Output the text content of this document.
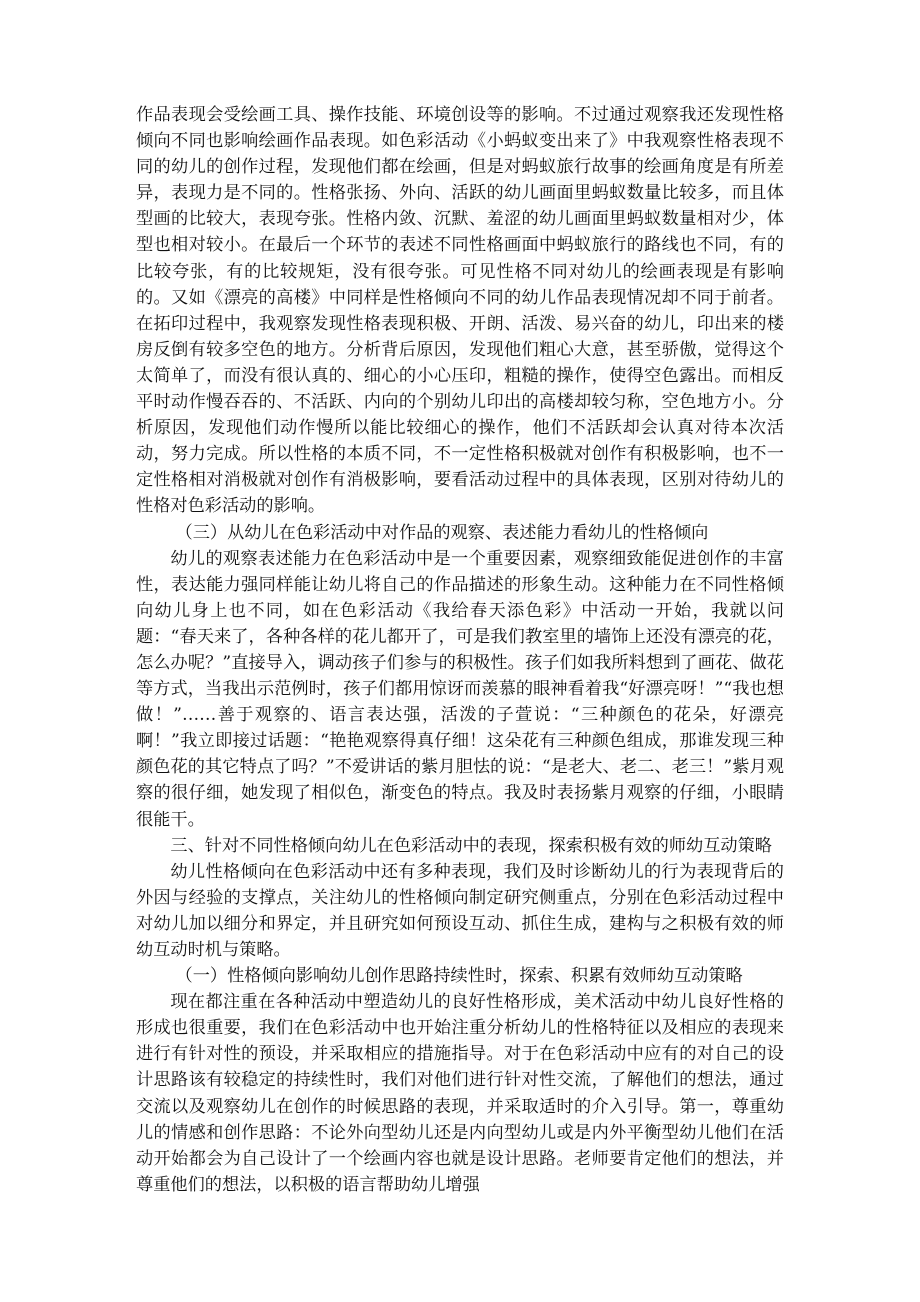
作品表现会受绘画工具、操作技能、环境创设等的影响。不过通过观察我还发现性格倾向不同也影响绘画作品表现。如色彩活动《小蚂蚁变出来了》中我观察性格表现不同的幼儿的创作过程，发现他们都在绘画，但是对蚂蚁旅行故事的绘画角度是有所差异，表现力是不同的。性格张扬、外向、活跃的幼儿画面里蚂蚁数量比较多，而且体型画的比较大，表现夸张。性格内敛、沉默、羞涩的幼儿画面里蚂蚁数量相对少，体型也相对较小。在最后一个环节的表述不同性格画面中蚂蚁旅行的路线也不同，有的比较夸张，有的比较规矩，没有很夸张。可见性格不同对幼儿的绘画表现是有影响的。又如《漂亮的高楼》中同样是性格倾向不同的幼儿作品表现情况却不同于前者。在拓印过程中，我观察发现性格表现积极、开朗、活泼、易兴奋的幼儿，印出来的楼房反倒有较多空色的地方。分析背后原因，发现他们粗心大意，甚至骄傲，觉得这个太简单了，而没有很认真的、细心的小心压印，粗糙的操作，使得空色露出。而相反平时动作慢吞吞的、不活跃、内向的个别幼儿印出的高楼却较匀称，空色地方小。分析原因，发现他们动作慢所以能比较细心的操作，他们不活跃却会认真对待本次活动，努力完成。所以性格的本质不同，不一定性格积极就对创作有积极影响，也不一定性格相对消极就对创作有消极影响，要看活动过程中的具体表现，区别对待幼儿的性格对色彩活动的影响。

（三）从幼儿在色彩活动中对作品的观察、表述能力看幼儿的性格倾向

幼儿的观察表述能力在色彩活动中是一个重要因素，观察细致能促进创作的丰富性，表达能力强同样能让幼儿将自己的作品描述的形象生动。这种能力在不同性格倾向幼儿身上也不同，如在色彩活动《我给春天添色彩》中活动一开始，我就以问题：“春天来了，各种各样的花儿都开了，可是我们教室里的墙饰上还没有漂亮的花，怎么办呢？”直接导入，调动孩子们参与的积极性。孩子们如我所料想到了画花、做花等方式，当我出示范例时，孩子们都用惊讶而羡慕的眼神看着我“好漂亮呀！”“我也想做！”……善于观察的、语言表达强，活泼的子萱说：“三种颜色的花朵，好漂亮啊！”我立即接过话题：“艳艳观察得真仔细！这朵花有三种颜色组成，那谁发现三种颜色花的其它特点了吗？”不爱讲话的紫月胆怯的说：“是老大、老二、老三！”紫月观察的很仔细，她发现了相似色，渐变色的特点。我及时表扬紫月观察的仔细，小眼睛很能干。

三、针对不同性格倾向幼儿在色彩活动中的表现，探索积极有效的师幼互动策略

幼儿性格倾向在色彩活动中还有多种表现，我们及时诊断幼儿的行为表现背后的外因与经验的支撑点，关注幼儿的性格倾向制定研究侧重点，分别在色彩活动过程中对幼儿加以细分和界定，并且研究如何预设互动、抓住生成，建构与之积极有效的师幼互动时机与策略。

（一）性格倾向影响幼儿创作思路持续性时，探索、积累有效师幼互动策略

现在都注重在各种活动中塑造幼儿的良好性格形成，美术活动中幼儿良好性格的形成也很重要，我们在色彩活动中也开始注重分析幼儿的性格特征以及相应的表现来进行有针对性的预设，并采取相应的措施指导。对于在色彩活动中应有的对自己的设计思路该有较稳定的持续性时，我们对他们进行针对性交流，了解他们的想法，通过交流以及观察幼儿在创作的时候思路的表现，并采取适时的介入引导。第一，尊重幼儿的情感和创作思路：不论外向型幼儿还是内向型幼儿或是内外平衡型幼儿他们在活动开始都会为自己设计了一个绘画内容也就是设计思路。老师要肯定他们的想法，并尊重他们的想法，以积极的语言帮助幼儿增强
